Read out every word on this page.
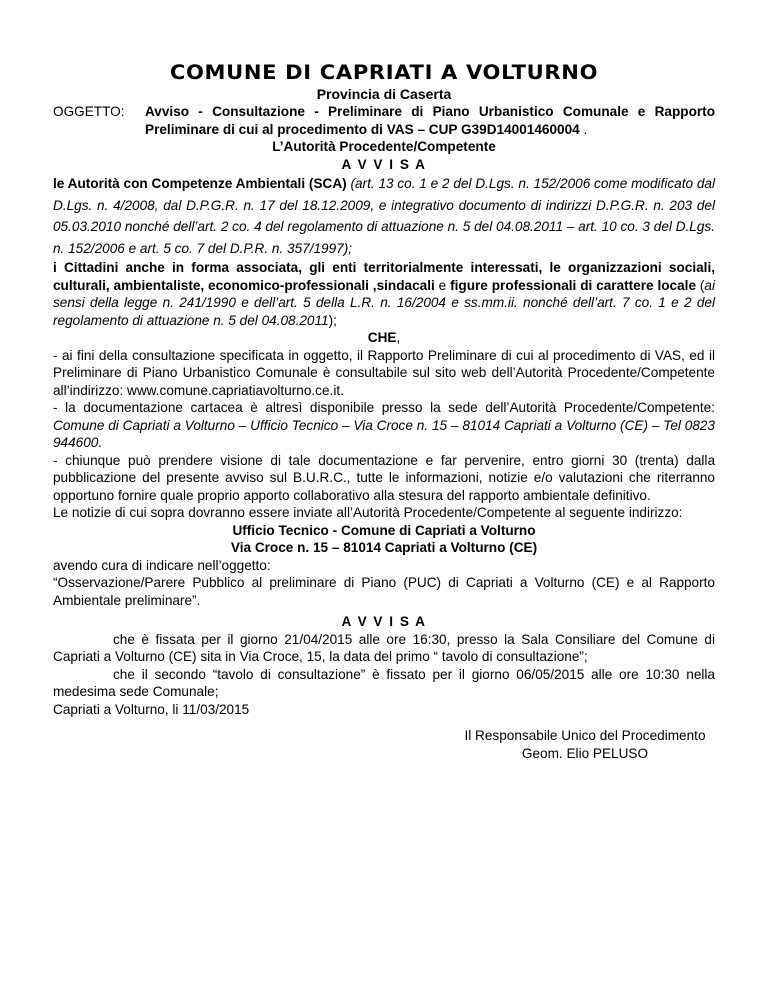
COMUNE DI CAPRIATI A VOLTURNO
Provincia di Caserta
OGGETTO:	Avviso - Consultazione - Preliminare di Piano Urbanistico Comunale e Rapporto Preliminare di cui al procedimento di VAS – CUP G39D14001460004 .
L’Autorità Procedente/Competente
A V V I S A

le Autorità con Competenze Ambientali (SCA) (art. 13 co. 1 e 2 del D.Lgs. n. 152/2006 come modificato dal D.Lgs. n. 4/2008, dal D.P.G.R. n. 17 del 18.12.2009, e integrativo documento di indirizzi D.P.G.R. n. 203 del 05.03.2010 nonché dell’art. 2 co. 4 del regolamento di attuazione n. 5 del 04.08.2011 – art. 10 co. 3 del D.Lgs. n. 152/2006 e art. 5 co. 7 del D.P.R. n. 357/1997);

i Cittadini anche in forma associata, gli enti territorialmente interessati, le organizzazioni sociali, culturali, ambientaliste, economico-professionali ,sindacali e figure professionali di carattere locale (ai sensi della legge n. 241/1990 e dell’art. 5 della L.R. n. 16/2004 e ss.mm.ii. nonché dell’art. 7 co. 1 e 2 del regolamento di attuazione n. 5 del 04.08.2011);

CHE,

- ai fini della consultazione specificata in oggetto, il Rapporto Preliminare di cui al procedimento di VAS, ed il Preliminare di Piano Urbanistico Comunale è consultabile sul sito web dell’Autorità Procedente/Competente all’indirizzo: www.comune.capriatiavolturno.ce.it.

- la documentazione cartacea è altresì disponibile presso la sede dell’Autorità Procedente/Competente: Comune di Capriati a Volturno – Ufficio Tecnico – Via Croce n. 15 – 81014 Capriati a Volturno (CE) – Tel 0823 944600.

- chiunque può prendere visione di tale documentazione e far pervenire, entro giorni 30 (trenta) dalla pubblicazione del presente avviso sul B.U.R.C., tutte le informazioni, notizie e/o valutazioni che riterranno opportuno fornire quale proprio apporto collaborativo alla stesura del rapporto ambientale definitivo.

Le notizie di cui sopra dovranno essere inviate all’Autorità Procedente/Competente al seguente indirizzo:

Ufficio Tecnico - Comune di Capriati a Volturno
Via Croce n. 15 – 81014 Capriati a Volturno (CE)

avendo cura di indicare nell’oggetto:

“Osservazione/Parere Pubblico al preliminare di Piano (PUC) di Capriati a Volturno (CE) e al Rapporto Ambientale preliminare”.

A V V I S A

che è fissata per il giorno 21/04/2015 alle ore 16:30, presso la Sala Consiliare del Comune di Capriati a Volturno (CE) sita in Via Croce, 15, la data del primo “ tavolo di consultazione”;

che il secondo “tavolo di consultazione” è fissato per il giorno 06/05/2015 alle ore 10:30 nella medesima sede Comunale;

Capriati a Volturno, li 11/03/2015

Il Responsabile Unico del Procedimento
Geom. Elio PELUSO
